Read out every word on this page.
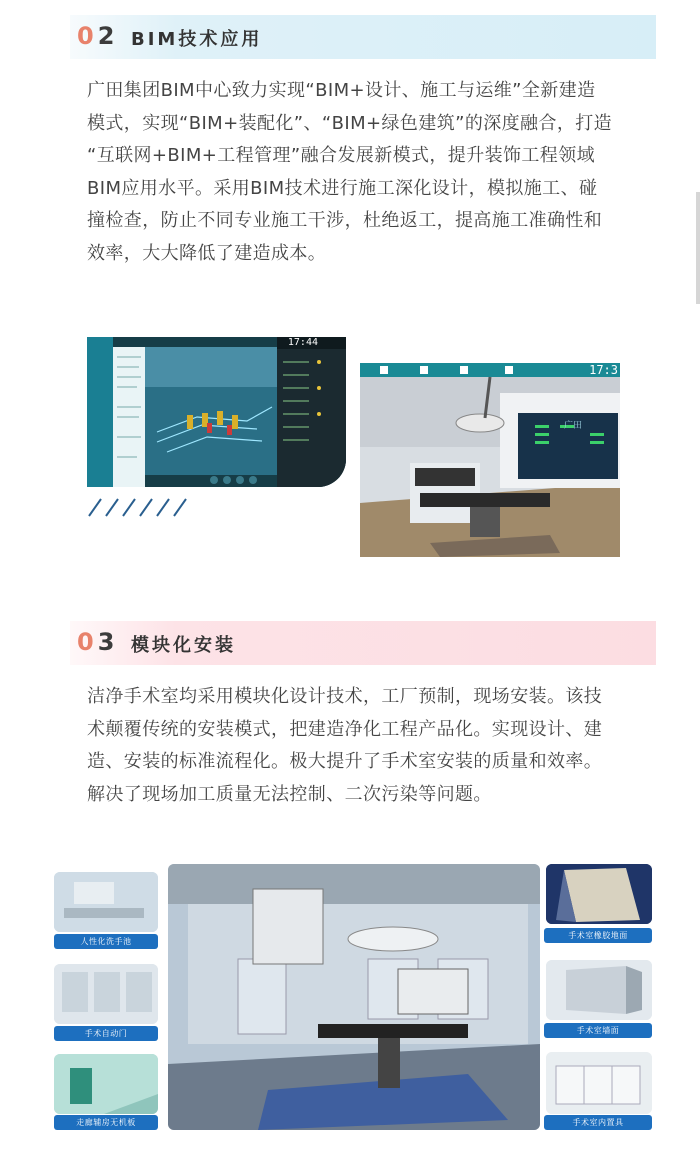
02 BIM技术应用

广田集团BIM中心致力实现“BIM+设计、施工与运维”全新建造

模式，实现“BIM+装配化”、“BIM+绿色建筑”的深度融合，打造

“互联网+BIM+工程管理”融合发展新模式，提升装饰工程领域

BIM应用水平。采用BIM技术进行施工深化设计，模拟施工、碰

撞检查，防止不同专业施工干涉，杜绝返工，提高施工准确性和

效率，大大降低了建造成本。

17:44
17:3
广田
03 模块化安装

洁净手术室均采用模块化设计技术，工厂预制，现场安装。该技

术颠覆传统的安装模式，把建造净化工程产品化。实现设计、建

造、安装的标准流程化。极大提升了手术室安装的质量和效率。

解决了现场加工质量无法控制、二次污染等问题。

人性化洗手池
手术自动门
走廊辅房无机板
手术室橡胶地面
手术室墙面
手术室内置具
